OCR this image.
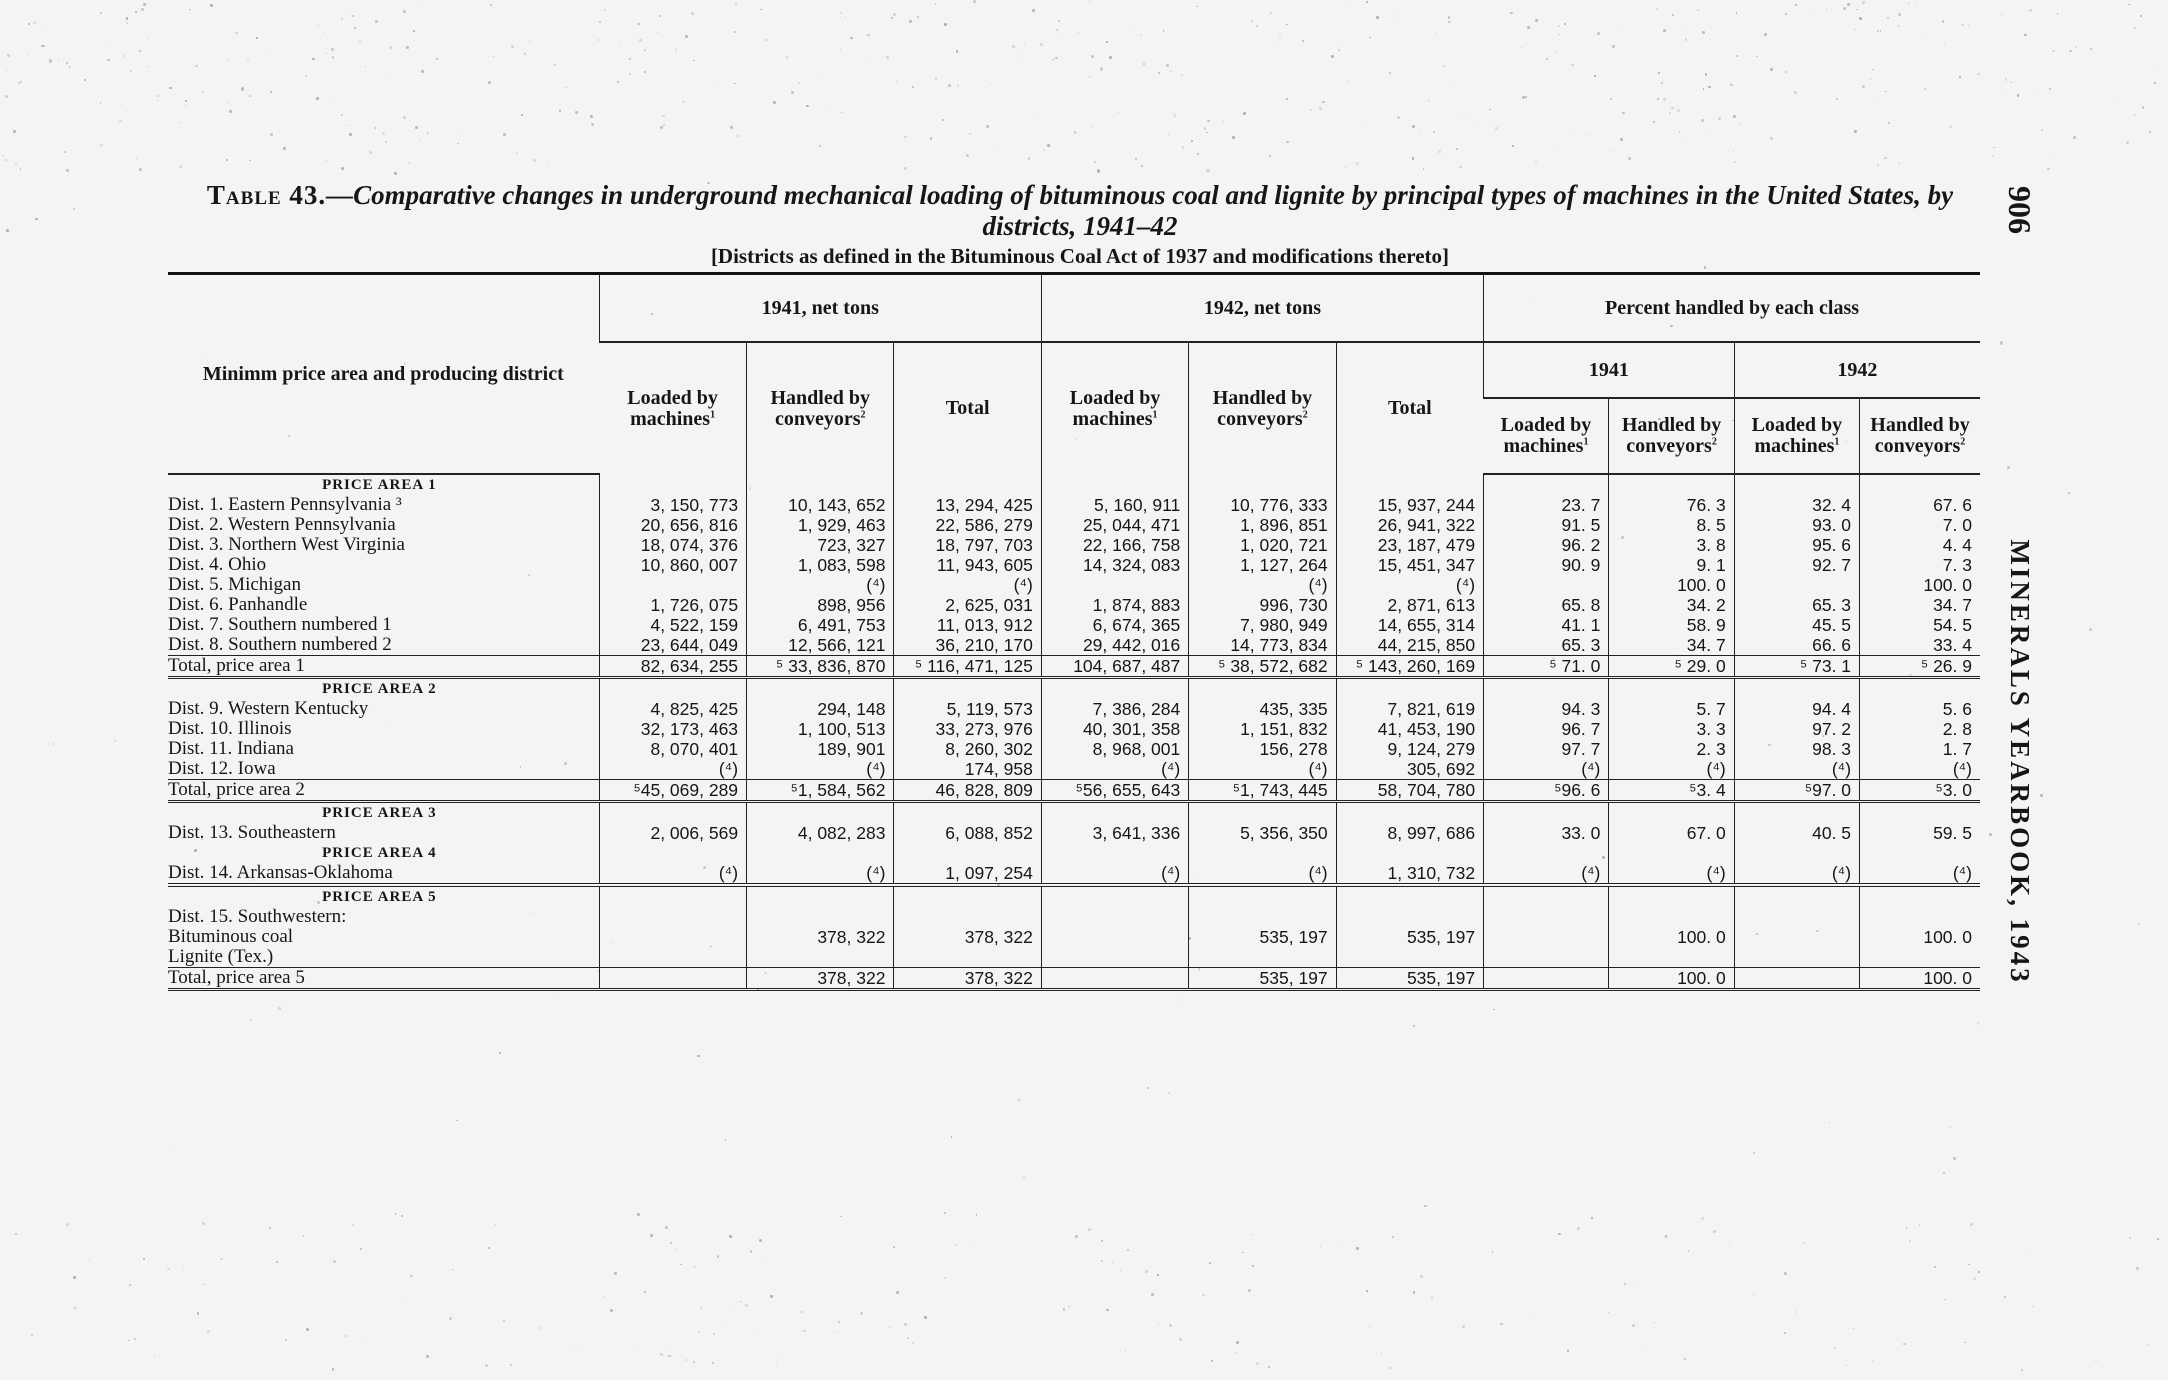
Table 43.—Comparative changes in underground mechanical loading of bituminous coal and lignite by principal types of machines in the United States, by districts, 1941–42
[Districts as defined in the Bituminous Coal Act of 1937 and modifications thereto]
906
MINERALS YEARBOOK, 1943
Minimm price area and producing district	1941, net tons			1942, net tons			Percent handled by each class			
	Loaded by machines$^1$	Handled by conveyors$^2$	Total	Loaded by machines$^1$	Handled by conveyors$^2$	Total	1941		1942	
							Loaded by machines$^1$	Handled by conveyors$^2$	Loaded by machines$^1$	Handled by conveyors$^2$
PRICE AREA 1										
Dist. 1. Eastern Pennsylvania ³	3, 150, 773	10, 143, 652	13, 294, 425	5, 160, 911	10, 776, 333	15, 937, 244	23. 7	76. 3	32. 4	67. 6
Dist. 2. Western Pennsylvania	20, 656, 816	1, 929, 463	22, 586, 279	25, 044, 471	1, 896, 851	26, 941, 322	91. 5	8. 5	93. 0	7. 0
Dist. 3. Northern West Virginia	18, 074, 376	723, 327	18, 797, 703	22, 166, 758	1, 020, 721	23, 187, 479	96. 2	3. 8	95. 6	4. 4
Dist. 4. Ohio	10, 860, 007	1, 083, 598	11, 943, 605	14, 324, 083	1, 127, 264	15, 451, 347	90. 9	9. 1	92. 7	7. 3
Dist. 5. Michigan		(⁴)	(⁴)		(⁴)	(⁴)		100. 0		100. 0
Dist. 6. Panhandle	1, 726, 075	898, 956	2, 625, 031	1, 874, 883	996, 730	2, 871, 613	65. 8	34. 2	65. 3	34. 7
Dist. 7. Southern numbered 1	4, 522, 159	6, 491, 753	11, 013, 912	6, 674, 365	7, 980, 949	14, 655, 314	41. 1	58. 9	45. 5	54. 5
Dist. 8. Southern numbered 2	23, 644, 049	12, 566, 121	36, 210, 170	29, 442, 016	14, 773, 834	44, 215, 850	65. 3	34. 7	66. 6	33. 4
Total, price area 1	82, 634, 255	⁵ 33, 836, 870	⁵ 116, 471, 125	104, 687, 487	⁵ 38, 572, 682	⁵ 143, 260, 169	⁵ 71. 0	⁵ 29. 0	⁵ 73. 1	⁵ 26. 9
PRICE AREA 2										
Dist. 9. Western Kentucky	4, 825, 425	294, 148	5, 119, 573	7, 386, 284	435, 335	7, 821, 619	94. 3	5. 7	94. 4	5. 6
Dist. 10. Illinois	32, 173, 463	1, 100, 513	33, 273, 976	40, 301, 358	1, 151, 832	41, 453, 190	96. 7	3. 3	97. 2	2. 8
Dist. 11. Indiana	8, 070, 401	189, 901	8, 260, 302	8, 968, 001	156, 278	9, 124, 279	97. 7	2. 3	98. 3	1. 7
Dist. 12. Iowa	(⁴)	(⁴)	174, 958	(⁴)	(⁴)	305, 692	(⁴)	(⁴)	(⁴)	(⁴)
Total, price area 2	⁵45, 069, 289	⁵1, 584, 562	46, 828, 809	⁵56, 655, 643	⁵1, 743, 445	58, 704, 780	⁵96. 6	⁵3. 4	⁵97. 0	⁵3. 0
PRICE AREA 3										
Dist. 13. Southeastern	2, 006, 569	4, 082, 283	6, 088, 852	3, 641, 336	5, 356, 350	8, 997, 686	33. 0	67. 0	40. 5	59. 5
PRICE AREA 4										
Dist. 14. Arkansas-Oklahoma	(⁴)	(⁴)	1, 097, 254	(⁴)	(⁴)	1, 310, 732	(⁴)	(⁴)	(⁴)	(⁴)
PRICE AREA 5										
Dist. 15. Southwestern:										
Bituminous coal		378, 322	378, 322		535, 197	535, 197		100. 0		100. 0
Lignite (Tex.)										
Total, price area 5		378, 322	378, 322		535, 197	535, 197		100. 0		100. 0
